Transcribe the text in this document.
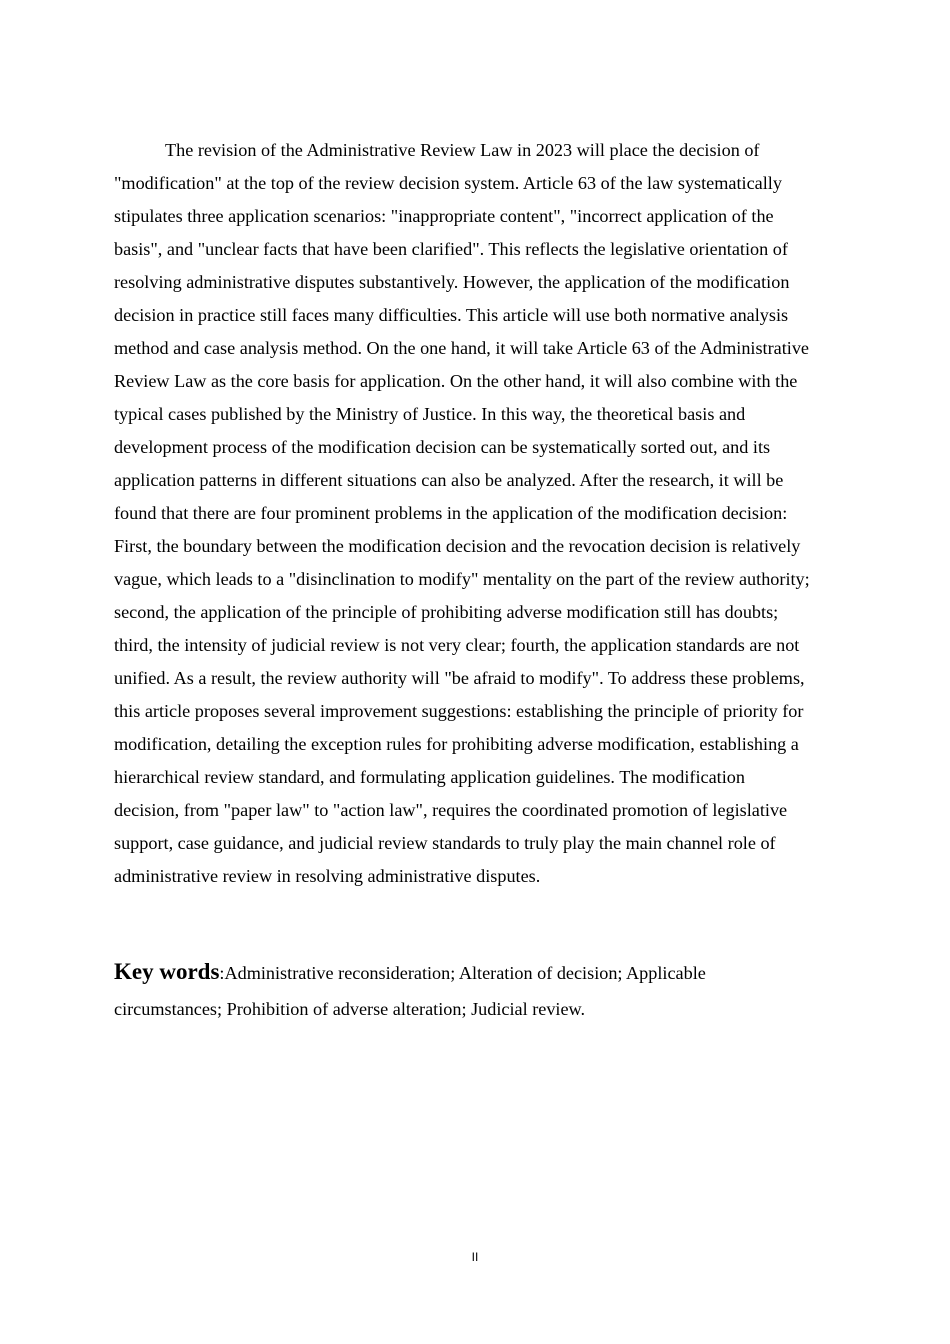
The revision of the Administrative Review Law in 2023 will place the decision of "modification" at the top of the review decision system. Article 63 of the law systematically stipulates three application scenarios: "inappropriate content", "incorrect application of the basis", and "unclear facts that have been clarified". This reflects the legislative orientation of resolving administrative disputes substantively. However, the application of the modification decision in practice still faces many difficulties. This article will use both normative analysis method and case analysis method. On the one hand, it will take Article 63 of the Administrative Review Law as the core basis for application. On the other hand, it will also combine with the typical cases published by the Ministry of Justice. In this way, the theoretical basis and development process of the modification decision can be systematically sorted out, and its application patterns in different situations can also be analyzed. After the research, it will be found that there are four prominent problems in the application of the modification decision: First, the boundary between the modification decision and the revocation decision is relatively vague, which leads to a "disinclination to modify" mentality on the part of the review authority; second, the application of the principle of prohibiting adverse modification still has doubts; third, the intensity of judicial review is not very clear; fourth, the application standards are not unified. As a result, the review authority will "be afraid to modify". To address these problems, this article proposes several improvement suggestions: establishing the principle of priority for modification, detailing the exception rules for prohibiting adverse modification, establishing a hierarchical review standard, and formulating application guidelines. The modification decision, from "paper law" to "action law", requires the coordinated promotion of legislative support, case guidance, and judicial review standards to truly play the main channel role of administrative review in resolving administrative disputes.

Key words:Administrative reconsideration; Alteration of decision; Applicable circumstances; Prohibition of adverse alteration; Judicial review.

II
